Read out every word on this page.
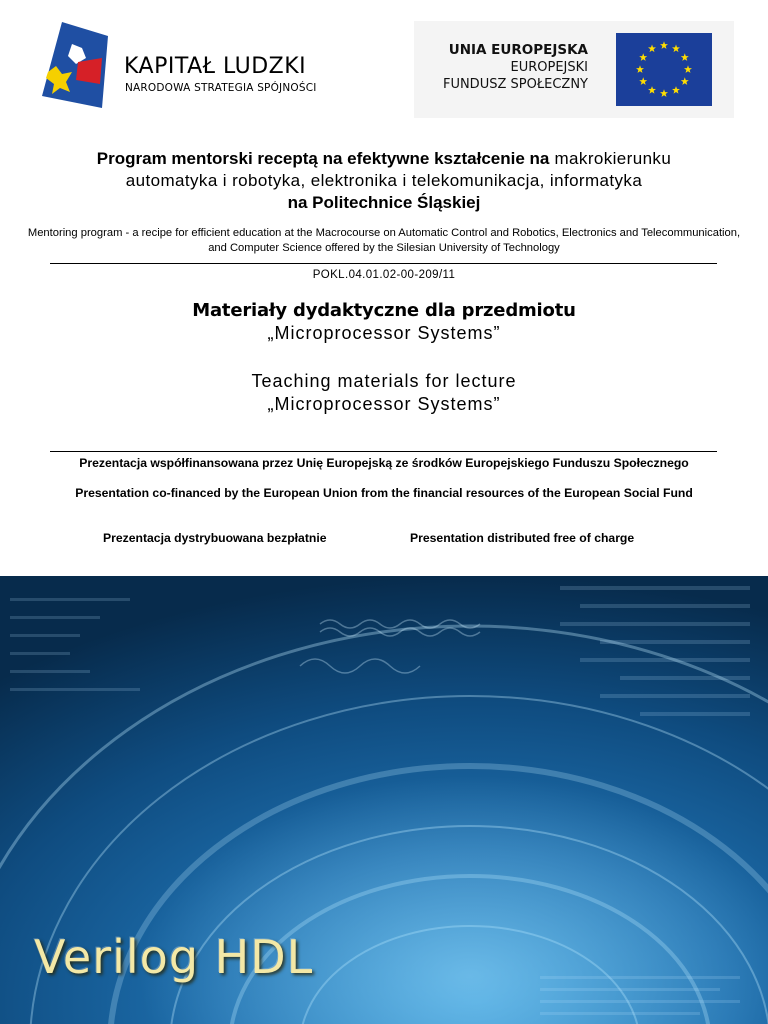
KAPITAŁ LUDZKI
NARODOWA STRATEGIA SPÓJNOŚCI
UNIA EUROPEJSKA
EUROPEJSKI
FUNDUSZ SPOŁECZNY
Program mentorski receptą na efektywne kształcenie na makrokierunku
automatyka i robotyka, elektronika i telekomunikacja, informatyka
na Politechnice Śląskiej
Mentoring program - a recipe for efficient education at the Macrocourse on Automatic Control and Robotics, Electronics and Telecommunication, and Computer Science offered by the Silesian University of Technology
POKL.04.01.02-00-209/11
Materiały dydaktyczne dla przedmiotu
„Microprocessor Systems”
Teaching materials for lecture
„Microprocessor Systems”
Prezentacja współfinansowana przez Unię Europejską ze środków Europejskiego Funduszu Społecznego
Presentation co-financed by the European Union from the financial resources of the European Social Fund
Prezentacja dystrybuowana bezpłatnie	Presentation distributed free of charge
Verilog HDL
